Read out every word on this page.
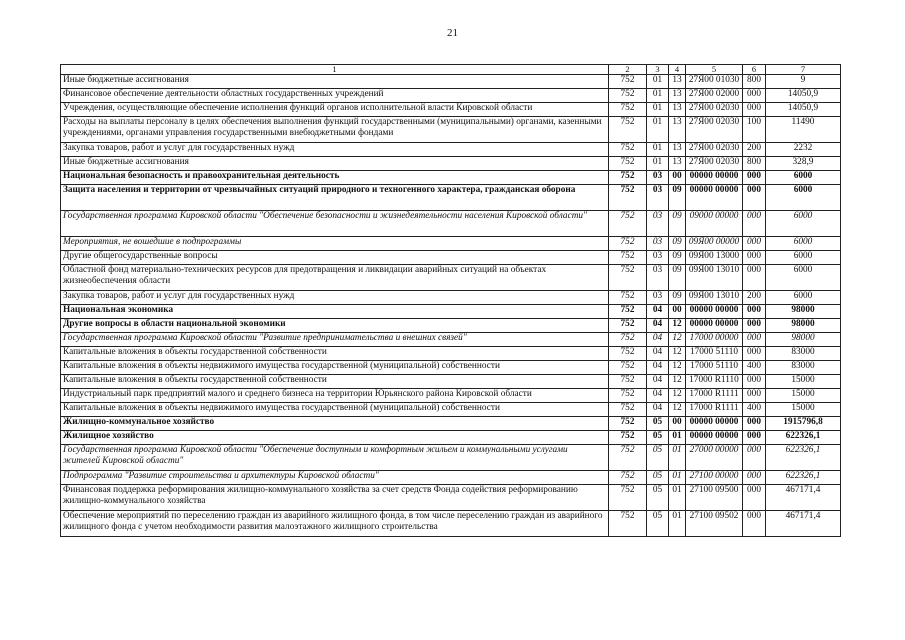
21
1	2	3	4	5	6	7
Иные бюджетные ассигнования	752	01	13	27Я00 01030	800	9
Финансовое обеспечение деятельности областных государственных учреждений	752	01	13	27Я00 02000	000	14050,9
Учреждения, осуществляющие обеспечение исполнения функций органов исполнительной власти Кировской области	752	01	13	27Я00 02030	000	14050,9
Расходы на выплаты персоналу в целях обеспечения выполнения функций государственными (муниципальными) органами, казенными учреждениями, органами управления государственными внебюджетными фондами	752	01	13	27Я00 02030	100	11490
Закупка товаров, работ и услуг для государственных нужд	752	01	13	27Я00 02030	200	2232
Иные бюджетные ассигнования	752	01	13	27Я00 02030	800	328,9
Национальная безопасность и правоохранительная деятельность	752	03	00	00000 00000	000	6000
Защита населения и территории от чрезвычайных ситуаций природного и техногенного характера, гражданская оборона	752	03	09	00000 00000	000	6000
Государственная программа Кировской области "Обеспечение безопасности и жизнедеятельности населения Кировской области"	752	03	09	09000 00000	000	6000
Мероприятия, не вошедшие в подпрограммы	752	03	09	09Я00 00000	000	6000
Другие общегосударственные вопросы	752	03	09	09Я00 13000	000	6000
Областной фонд материально-технических ресурсов для предотвращения и ликвидации аварийных ситуаций на объектах жизнеобеспечения области	752	03	09	09Я00 13010	000	6000
Закупка товаров, работ и услуг для государственных нужд	752	03	09	09Я00 13010	200	6000
Национальная экономика	752	04	00	00000 00000	000	98000
Другие вопросы в области национальной экономики	752	04	12	00000 00000	000	98000
Государственная программа Кировской области "Развитие предпринимательства и внешних связей"	752	04	12	17000 00000	000	98000
Капитальные вложения в объекты государственной собственности	752	04	12	17000 51110	000	83000
Капитальные вложения в объекты недвижимого имущества государственной (муниципальной) собственности	752	04	12	17000 51110	400	83000
Капитальные вложения в объекты государственной собственности	752	04	12	17000 R1110	000	15000
Индустриальный парк предприятий малого и среднего бизнеса на территории Юрьянского района Кировской области	752	04	12	17000 R1111	000	15000
Капитальные вложения в объекты недвижимого имущества государственной (муниципальной) собственности	752	04	12	17000 R1111	400	15000
Жилищно-коммунальное хозяйство	752	05	00	00000 00000	000	1915796,8
Жилищное хозяйство	752	05	01	00000 00000	000	622326,1
Государственная программа Кировской области "Обеспечение доступным и комфортным жильем и коммунальными услугами жителей Кировской области"	752	05	01	27000 00000	000	622326,1
Подпрограмма "Развитие строительства и архитектуры Кировской области"	752	05	01	27100 00000	000	622326,1
Финансовая поддержка реформирования жилищно-коммунального хозяйства за счет средств Фонда содействия реформированию жилищно-коммунального хозяйства	752	05	01	27100 09500	000	467171,4
Обеспечение мероприятий по переселению граждан из аварийного жилищного фонда, в том числе переселению граждан из аварийного жилищного фонда с учетом необходимости развития малоэтажного жилищного строительства	752	05	01	27100 09502	000	467171,4
